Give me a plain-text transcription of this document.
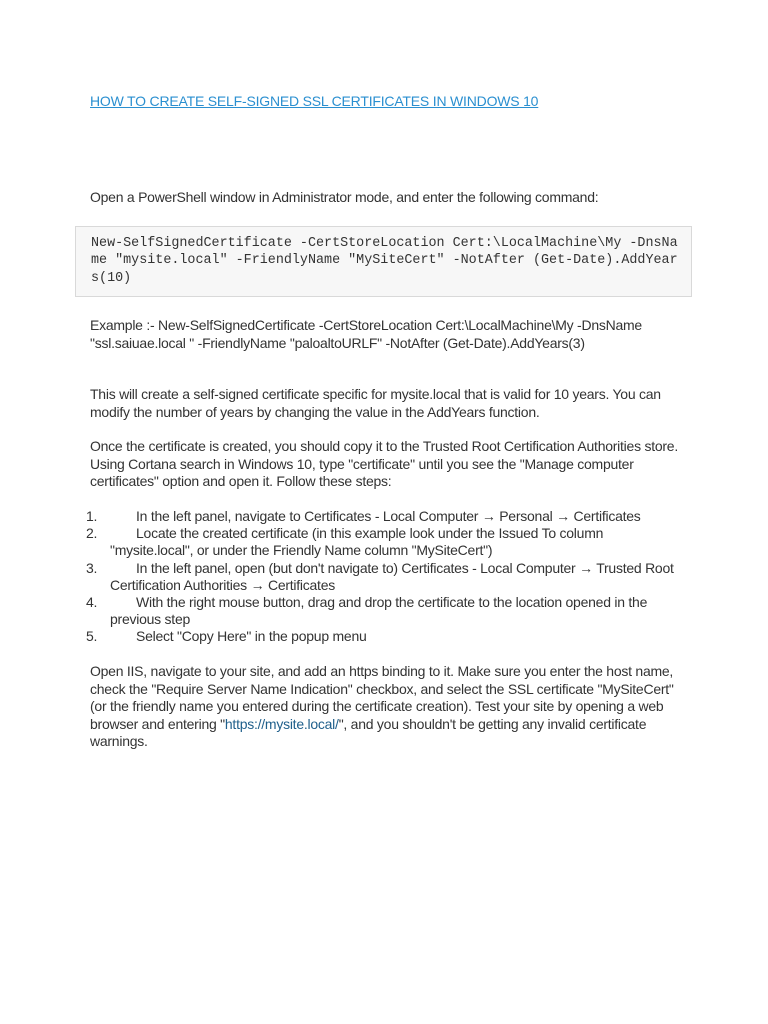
HOW TO CREATE SELF-SIGNED SSL CERTIFICATES IN WINDOWS 10

Open a PowerShell window in Administrator mode, and enter the following command:

New-SelfSignedCertificate -CertStoreLocation Cert:\LocalMachine\My -DnsName "mysite.local" -FriendlyName "MySiteCert" -NotAfter (Get-Date).AddYears(10)

Example :- New-SelfSignedCertificate -CertStoreLocation Cert:\LocalMachine\My -DnsName "ssl.saiuae.local " -FriendlyName "paloaltoURLF" -NotAfter (Get-Date).AddYears(3)

This will create a self-signed certificate specific for mysite.local that is valid for 10 years. You can modify the number of years by changing the value in the AddYears function.

Once the certificate is created, you should copy it to the Trusted Root Certification Authorities store. Using Cortana search in Windows 10, type "certificate" until you see the "Manage computer certificates" option and open it. Follow these steps:

1.	In the left panel, navigate to Certificates - Local Computer → Personal → Certificates
2.	Locate the created certificate (in this example look under the Issued To column "mysite.local", or under the Friendly Name column "MySiteCert")
3.	In the left panel, open (but don't navigate to) Certificates - Local Computer → Trusted Root Certification Authorities → Certificates
4.	With the right mouse button, drag and drop the certificate to the location opened in the previous step
5.	Select "Copy Here" in the popup menu

Open IIS, navigate to your site, and add an https binding to it. Make sure you enter the host name, check the "Require Server Name Indication" checkbox, and select the SSL certificate "MySiteCert" (or the friendly name you entered during the certificate creation). Test your site by opening a web browser and entering "https://mysite.local/", and you shouldn't be getting any invalid certificate warnings.
